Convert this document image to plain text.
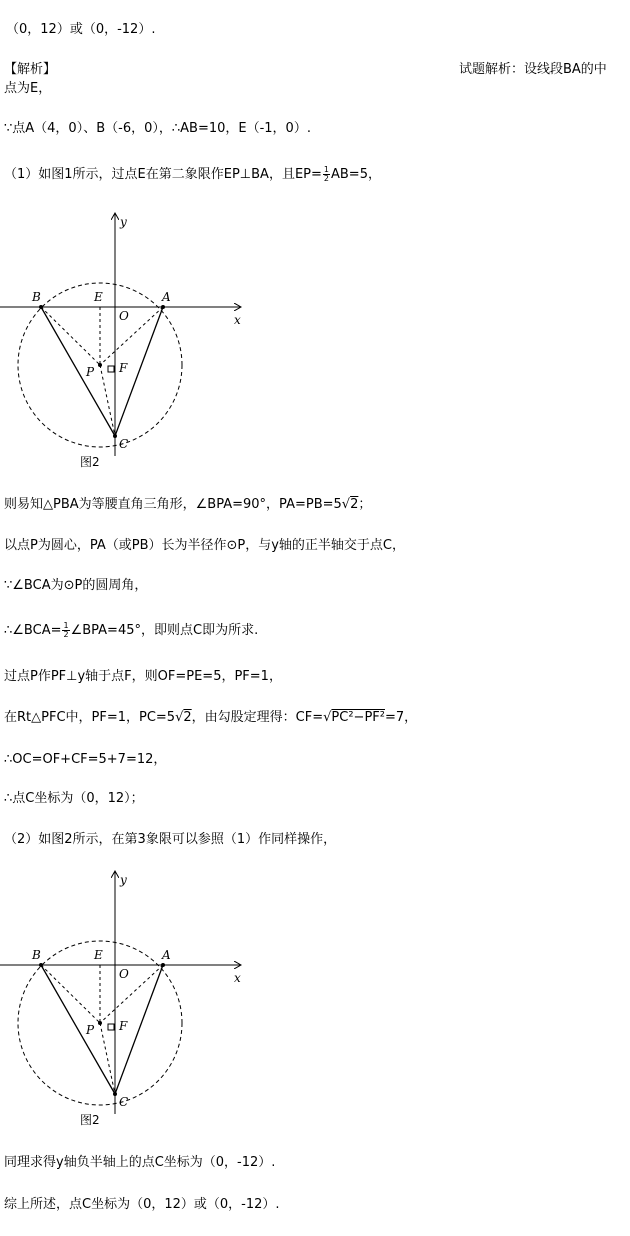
（0，12）或（0，-12）.
【解析】	试题解析：设线段BA的中
点为E，
∵点A（4，0）、B（-6，0），∴AB=10，E（-1，0）.
（1）如图1所示，过点E在第二象限作EP⊥BA，且$EP= \frac{1}{2} AB=5$，
y
x
B	E	A
O
P F
C
图2
则易知△PBA为等腰直角三角形，∠BPA=90°，PA=PB=5√2；
以点P为圆心，PA（或PB）长为半径作⊙P，与y轴的正半轴交于点C，
∵∠BCA为⊙P的圆周角，
∴∠BCA= $\frac{1}{2}$ ∠BPA=45°，即则点C即为所求.
过点P作PF⊥y轴于点F，则OF=PE=5，PF=1，
在Rt△PFC中，PF=1，PC=5√2，由勾股定理得：CF=√PC²−PF²=7，
∴OC=OF+CF=5+7=12，
∴点C坐标为（0，12）；
（2）如图2所示，在第3象限可以参照（1）作同样操作，
y
x
B	E	A
O
P F
C
图2
同理求得y轴负半轴上的点C坐标为（0，-12）.
综上所述，点C坐标为（0，12）或（0，-12）.
